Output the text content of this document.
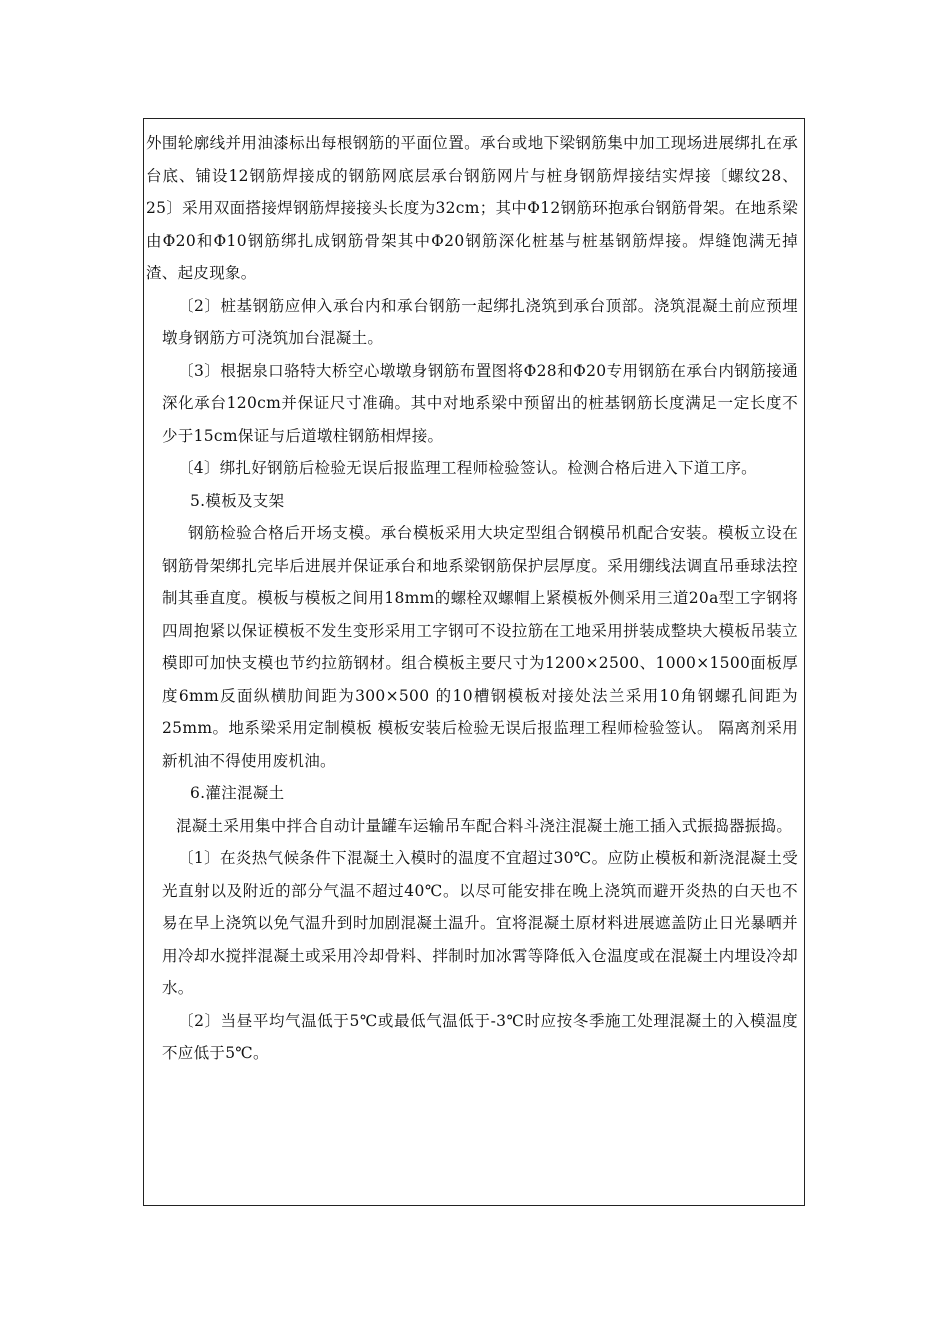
外围轮廓线并用油漆标出每根钢筋的平面位置。承台或地下梁钢筋集中加工现场进展绑扎在承台底、铺设12钢筋焊接成的钢筋网底层承台钢筋网片与桩身钢筋焊接结实焊接〔螺纹28、25〕采用双面搭接焊钢筋焊接接头长度为32cm；其中Φ12钢筋环抱承台钢筋骨架。在地系梁由Φ20和Φ10钢筋绑扎成钢筋骨架其中Φ20钢筋深化桩基与桩基钢筋焊接。焊缝饱满无掉渣、起皮现象。

〔2〕桩基钢筋应伸入承台内和承台钢筋一起绑扎浇筑到承台顶部。浇筑混凝土前应预埋墩身钢筋方可浇筑加台混凝土。

〔3〕根据泉口骆特大桥空心墩墩身钢筋布置图将Φ28和Φ20专用钢筋在承台内钢筋接通深化承台120cm并保证尺寸准确。其中对地系梁中预留出的桩基钢筋长度满足一定长度不少于15cm保证与后道墩柱钢筋相焊接。

〔4〕绑扎好钢筋后检验无误后报监理工程师检验签认。检测合格后进入下道工序。

5.模板及支架

钢筋检验合格后开场支模。承台模板采用大块定型组合钢模吊机配合安装。模板立设在钢筋骨架绑扎完毕后进展并保证承台和地系梁钢筋保护层厚度。采用绷线法调直吊垂球法控制其垂直度。模板与模板之间用18mm的螺栓双螺帽上紧模板外侧采用三道20a型工字钢将四周抱紧以保证模板不发生变形采用工字钢可不设拉筋在工地采用拼装成整块大模板吊装立模即可加快支模也节约拉筋钢材。组合模板主要尺寸为1200×2500、1000×1500面板厚度6mm反面纵横肋间距为300×500 的10槽钢模板对接处法兰采用10角钢螺孔间距为25mm。地系梁采用定制模板 模板安装后检验无误后报监理工程师检验签认。 隔离剂采用新机油不得使用废机油。

6.灌注混凝土

混凝土采用集中拌合自动计量罐车运输吊车配合料斗浇注混凝土施工插入式振捣器振捣。

〔1〕在炎热气候条件下混凝土入模时的温度不宜超过30℃。应防止模板和新浇混凝土受光直射以及附近的部分气温不超过40℃。以尽可能安排在晚上浇筑而避开炎热的白天也不易在早上浇筑以免气温升到时加剧混凝土温升。宜将混凝土原材料进展遮盖防止日光暴晒并用冷却水搅拌混凝土或采用冷却骨料、拌制时加冰霄等降低入仓温度或在混凝土内埋设冷却水。

〔2〕当昼平均气温低于5℃或最低气温低于-3℃时应按冬季施工处理混凝土的入模温度不应低于5℃。
